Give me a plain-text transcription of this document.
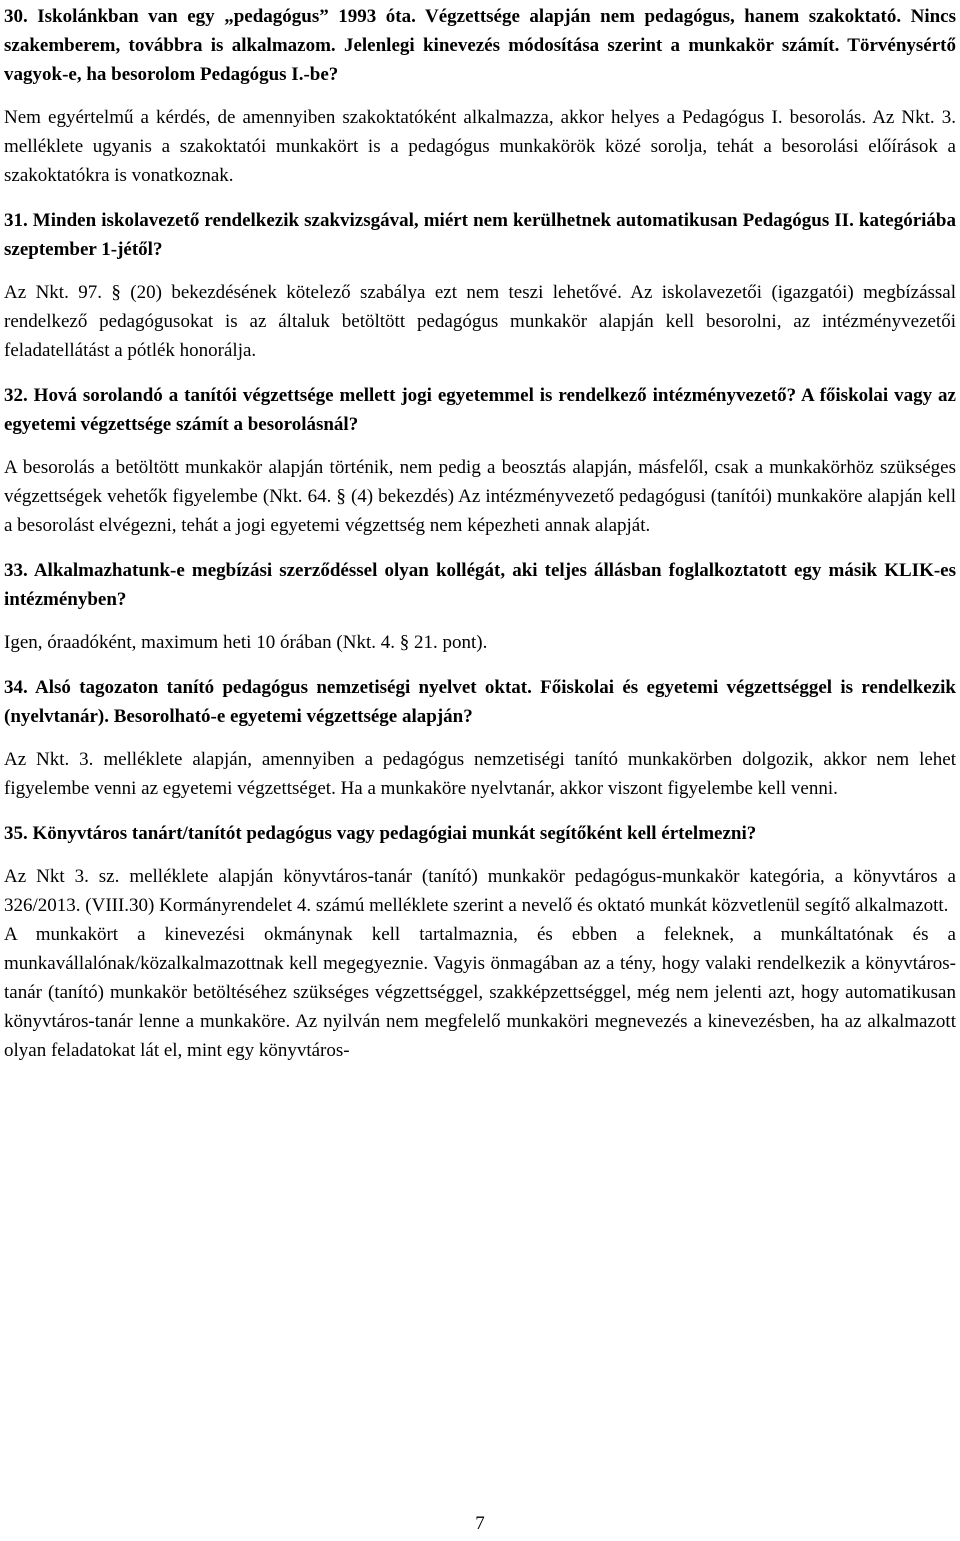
30. Iskolánkban van egy „pedagógus” 1993 óta. Végzettsége alapján nem pedagógus, hanem szakoktató. Nincs szakemberem, továbbra is alkalmazom. Jelenlegi kinevezés módosítása szerint a munkakör számít. Törvénysértő vagyok-e, ha besorolom Pedagógus I.-be?

Nem egyértelmű a kérdés, de amennyiben szakoktatóként alkalmazza, akkor helyes a Pedagógus I. besorolás. Az Nkt. 3. melléklete ugyanis a szakoktatói munkakört is a pedagógus munkakörök közé sorolja, tehát a besorolási előírások a szakoktatókra is vonatkoznak.

31. Minden iskolavezető rendelkezik szakvizsgával, miért nem kerülhetnek automatikusan Pedagógus II. kategóriába szeptember 1-jétől?

Az Nkt. 97. § (20) bekezdésének kötelező szabálya ezt nem teszi lehetővé. Az iskolavezetői (igazgatói) megbízással rendelkező pedagógusokat is az általuk betöltött pedagógus munkakör alapján kell besorolni, az intézményvezetői feladatellátást a pótlék honorálja.

32. Hová sorolandó a tanítói végzettsége mellett jogi egyetemmel is rendelkező intézményvezető? A főiskolai vagy az egyetemi végzettsége számít a besorolásnál?

A besorolás a betöltött munkakör alapján történik, nem pedig a beosztás alapján, másfelől, csak a munkakörhöz szükséges végzettségek vehetők figyelembe (Nkt. 64. § (4) bekezdés) Az intézményvezető pedagógusi (tanítói) munkaköre alapján kell a besorolást elvégezni, tehát a jogi egyetemi végzettség nem képezheti annak alapját.

33. Alkalmazhatunk-e megbízási szerződéssel olyan kollégát, aki teljes állásban foglalkoztatott egy másik KLIK-es intézményben?

Igen, óraadóként, maximum heti 10 órában (Nkt. 4. § 21. pont).

34. Alsó tagozaton tanító pedagógus nemzetiségi nyelvet oktat. Főiskolai és egyetemi végzettséggel is rendelkezik (nyelvtanár). Besorolható-e egyetemi végzettsége alapján?

Az Nkt. 3. melléklete alapján, amennyiben a pedagógus nemzetiségi tanító munkakörben dolgozik, akkor nem lehet figyelembe venni az egyetemi végzettséget. Ha a munkaköre nyelvtanár, akkor viszont figyelembe kell venni.

35. Könyvtáros tanárt/tanítót pedagógus vagy pedagógiai munkát segítőként kell értelmezni?

Az Nkt 3. sz. melléklete alapján könyvtáros-tanár (tanító) munkakör pedagógus-munkakör kategória, a könyvtáros a 326/2013. (VIII.30) Kormányrendelet 4. számú melléklete szerint a nevelő és oktató munkát közvetlenül segítő alkalmazott.

A munkakört a kinevezési okmánynak kell tartalmaznia, és ebben a feleknek, a munkáltatónak és a munkavállalónak/közalkalmazottnak kell megegyeznie. Vagyis önmagában az a tény, hogy valaki rendelkezik a könyvtáros-tanár (tanító) munkakör betöltéséhez szükséges végzettséggel, szakképzettséggel, még nem jelenti azt, hogy automatikusan könyvtáros-tanár lenne a munkaköre. Az nyilván nem megfelelő munkaköri megnevezés a kinevezésben, ha az alkalmazott olyan feladatokat lát el, mint egy könyvtáros-

7
